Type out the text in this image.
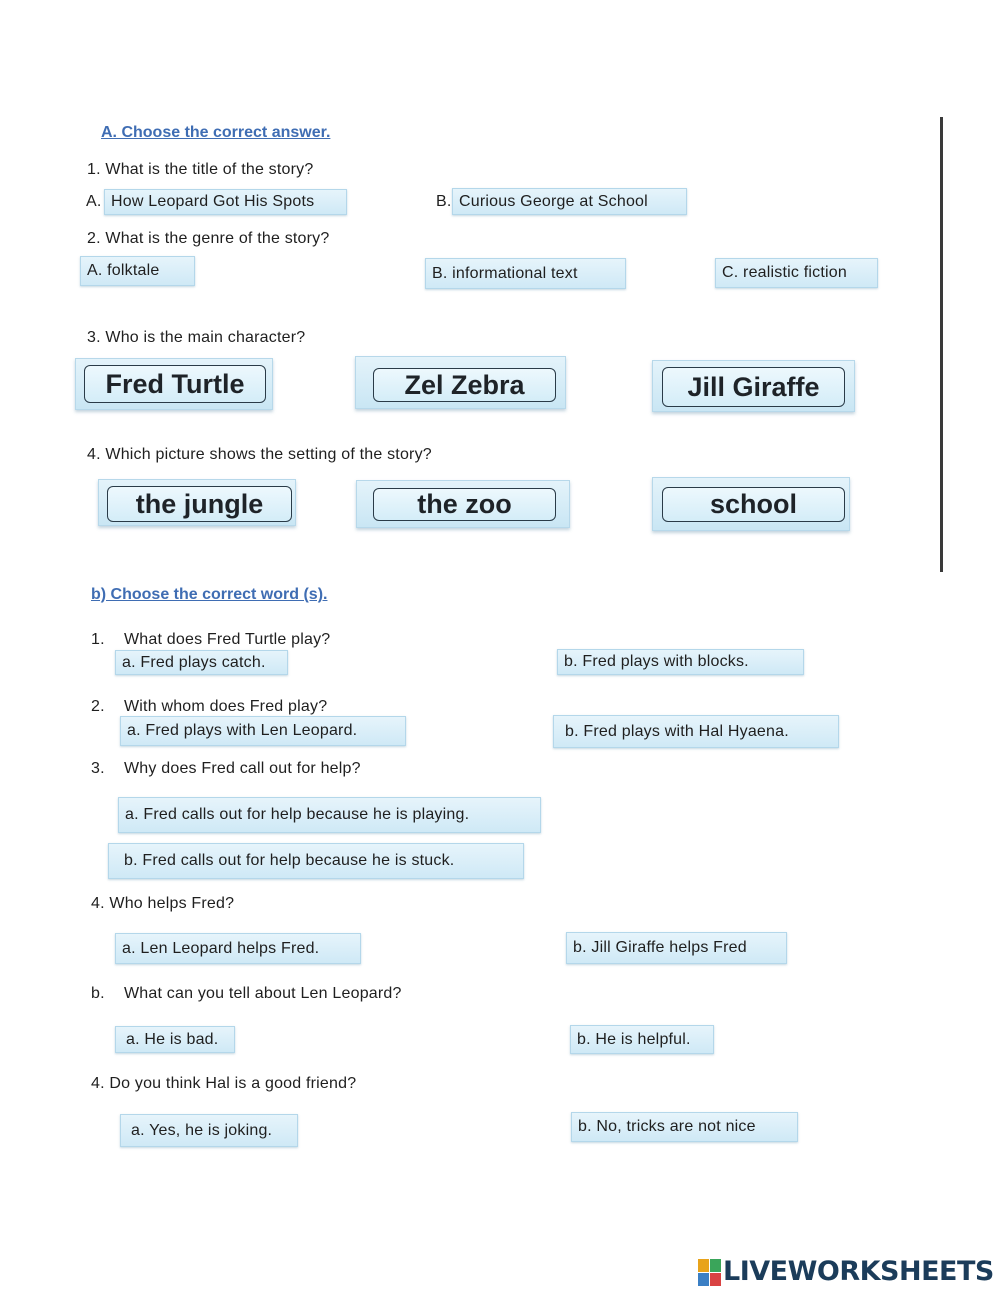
A. Choose the correct answer.
1. What is the title of the story?
A. How Leopard Got His Spots	B. Curious George at School
2. What is the genre of the story?
A. folktale	B. informational text	C. realistic fiction
3. Who is the main character?
Fred Turtle	Zel Zebra	Jill Giraffe
4. Which picture shows the setting of the story?
the jungle	the zoo	school
b) Choose the correct word (s).
1. What does Fred Turtle play?
a. Fred plays catch.	b. Fred plays with blocks.
2. With whom does Fred play?
a. Fred plays with Len Leopard.	b. Fred plays with Hal Hyaena.
3. Why does Fred call out for help?
a. Fred calls out for help because he is playing.
b. Fred calls out for help because he is stuck.
4. Who helps Fred?
a. Len Leopard helps Fred.	b. Jill Giraffe helps Fred
b. What can you tell about Len Leopard?
a. He is bad.	b. He is helpful.
4. Do you think Hal is a good friend?
a. Yes, he is joking.	b. No, tricks are not nice
LIVEWORKSHEETS
